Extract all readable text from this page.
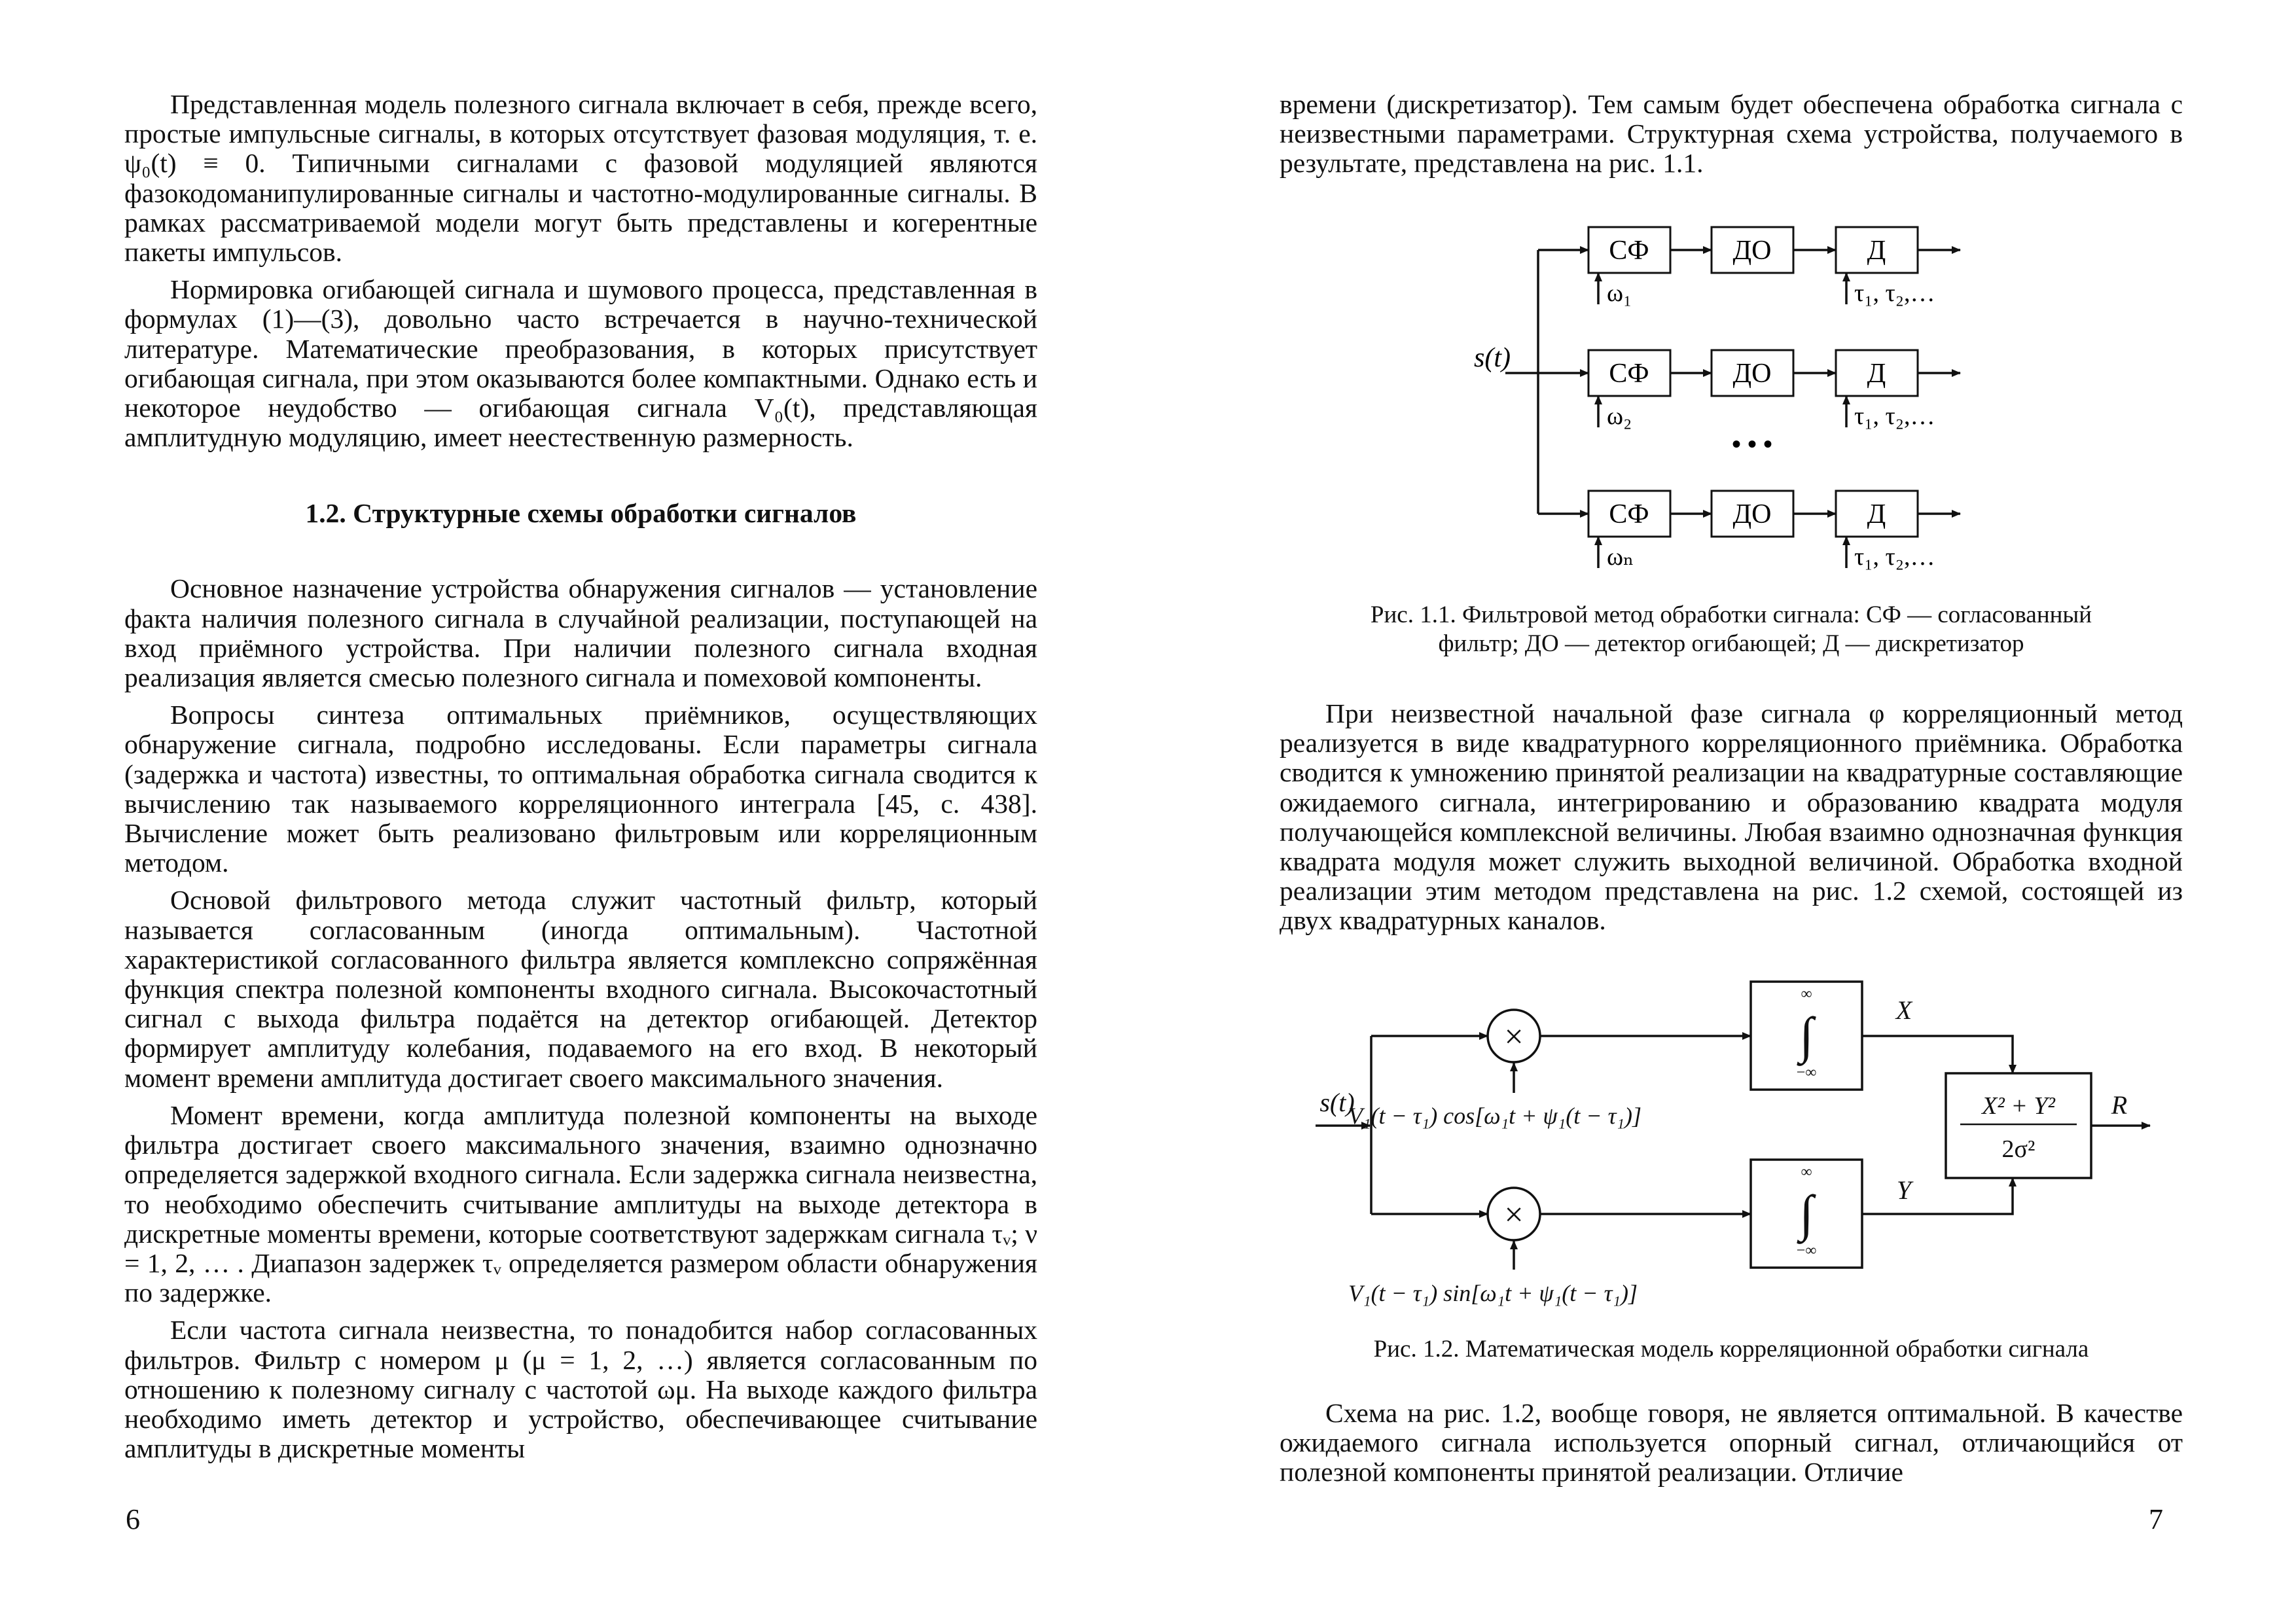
Представленная модель полезного сигнала включает в себя, прежде всего, простые импульсные сигналы, в которых отсутствует фазовая модуляция, т. е. ψ₀(t) ≡ 0. Типичными сигналами с фазовой модуляцией являются фазокодоманипулированные сигналы и частотно-модулированные сигналы. В рамках рассматриваемой модели могут быть представлены и когерентные пакеты импульсов.

Нормировка огибающей сигнала и шумового процесса, представленная в формулах (1)—(3), довольно часто встречается в научно-технической литературе. Математические преобразования, в которых присутствует огибающая сигнала, при этом оказываются более компактными. Однако есть и некоторое неудобство — огибающая сигнала V₀(t), представляющая амплитудную модуляцию, имеет неестественную размерность.

1.2. Структурные схемы обработки сигналов

Основное назначение устройства обнаружения сигналов — установление факта наличия полезного сигнала в случайной реализации, поступающей на вход приёмного устройства. При наличии полезного сигнала входная реализация является смесью полезного сигнала и помеховой компоненты.

Вопросы синтеза оптимальных приёмников, осуществляющих обнаружение сигнала, подробно исследованы. Если параметры сигнала (задержка и частота) известны, то оптимальная обработка сигнала сводится к вычислению так называемого корреляционного интеграла [45, с. 438]. Вычисление может быть реализовано фильтровым или корреляционным методом.

Основой фильтрового метода служит частотный фильтр, который называется согласованным (иногда оптимальным). Частотной характеристикой согласованного фильтра является комплексно сопряжённая функция спектра полезной компоненты входного сигнала. Высокочастотный сигнал с выхода фильтра подаётся на детектор огибающей. Детектор формирует амплитуду колебания, подаваемого на его вход. В некоторый момент времени амплитуда достигает своего максимального значения.

Момент времени, когда амплитуда полезной компоненты на выходе фильтра достигает своего максимального значения, взаимно однозначно определяется задержкой входного сигнала. Если задержка сигнала неизвестна, то необходимо обеспечить считывание амплитуды на выходе детектора в дискретные моменты времени, которые соответствуют задержкам сигнала τᵥ; ν = 1, 2, … . Диапазон задержек τᵥ определяется размером области обнаружения по задержке.

Если частота сигнала неизвестна, то понадобится набор согласованных фильтров. Фильтр с номером μ (μ = 1, 2, …) является согласованным по отношению к полезному сигналу с частотой ωμ. На выходе каждого фильтра необходимо иметь детектор и устройство, обеспечивающее считывание амплитуды в дискретные моменты

6

времени (дискретизатор). Тем самым будет обеспечена обработка сигнала с неизвестными параметрами. Структурная схема устройства, получаемого в результате, представлена на рис. 1.1.

СФ	ДО	Д
ω₁	τ₁, τ₂,…
СФ	ДО	Д
ω₂	τ₁, τ₂,…
• • •
СФ	ДО	Д
ωₙ	τ₁, τ₂,…
s(t)
Рис. 1.1. Фильтровой метод обработки сигнала: СФ — согласованный
фильтр; ДО — детектор огибающей; Д — дискретизатор

При неизвестной начальной фазе сигнала φ корреляционный метод реализуется в виде квадратурного корреляционного приёмника. Обработка сводится к умножению принятой реализации на квадратурные составляющие ожидаемого сигнала, интегрированию и образованию квадрата модуля получающейся комплексной величины. Любая взаимно однозначная функция квадрата модуля может служить выходной величиной. Обработка входной реализации этим методом представлена на рис. 1.2 схемой, состоящей из двух квадратурных каналов.

×
×
s(t)
V₁(t − τ₁) cos[ω₁t + ψ₁(t − τ₁)]
V₁(t − τ₁) sin[ω₁t + ψ₁(t − τ₁)]
∞
∫
−∞
∞
∫
−∞
X
Y
X² + Y²
2σ²
R
Рис. 1.2. Математическая модель корреляционной обработки сигнала

Схема на рис. 1.2, вообще говоря, не является оптимальной. В качестве ожидаемого сигнала используется опорный сигнал, отличающийся от полезной компоненты принятой реализации. Отличие

7
